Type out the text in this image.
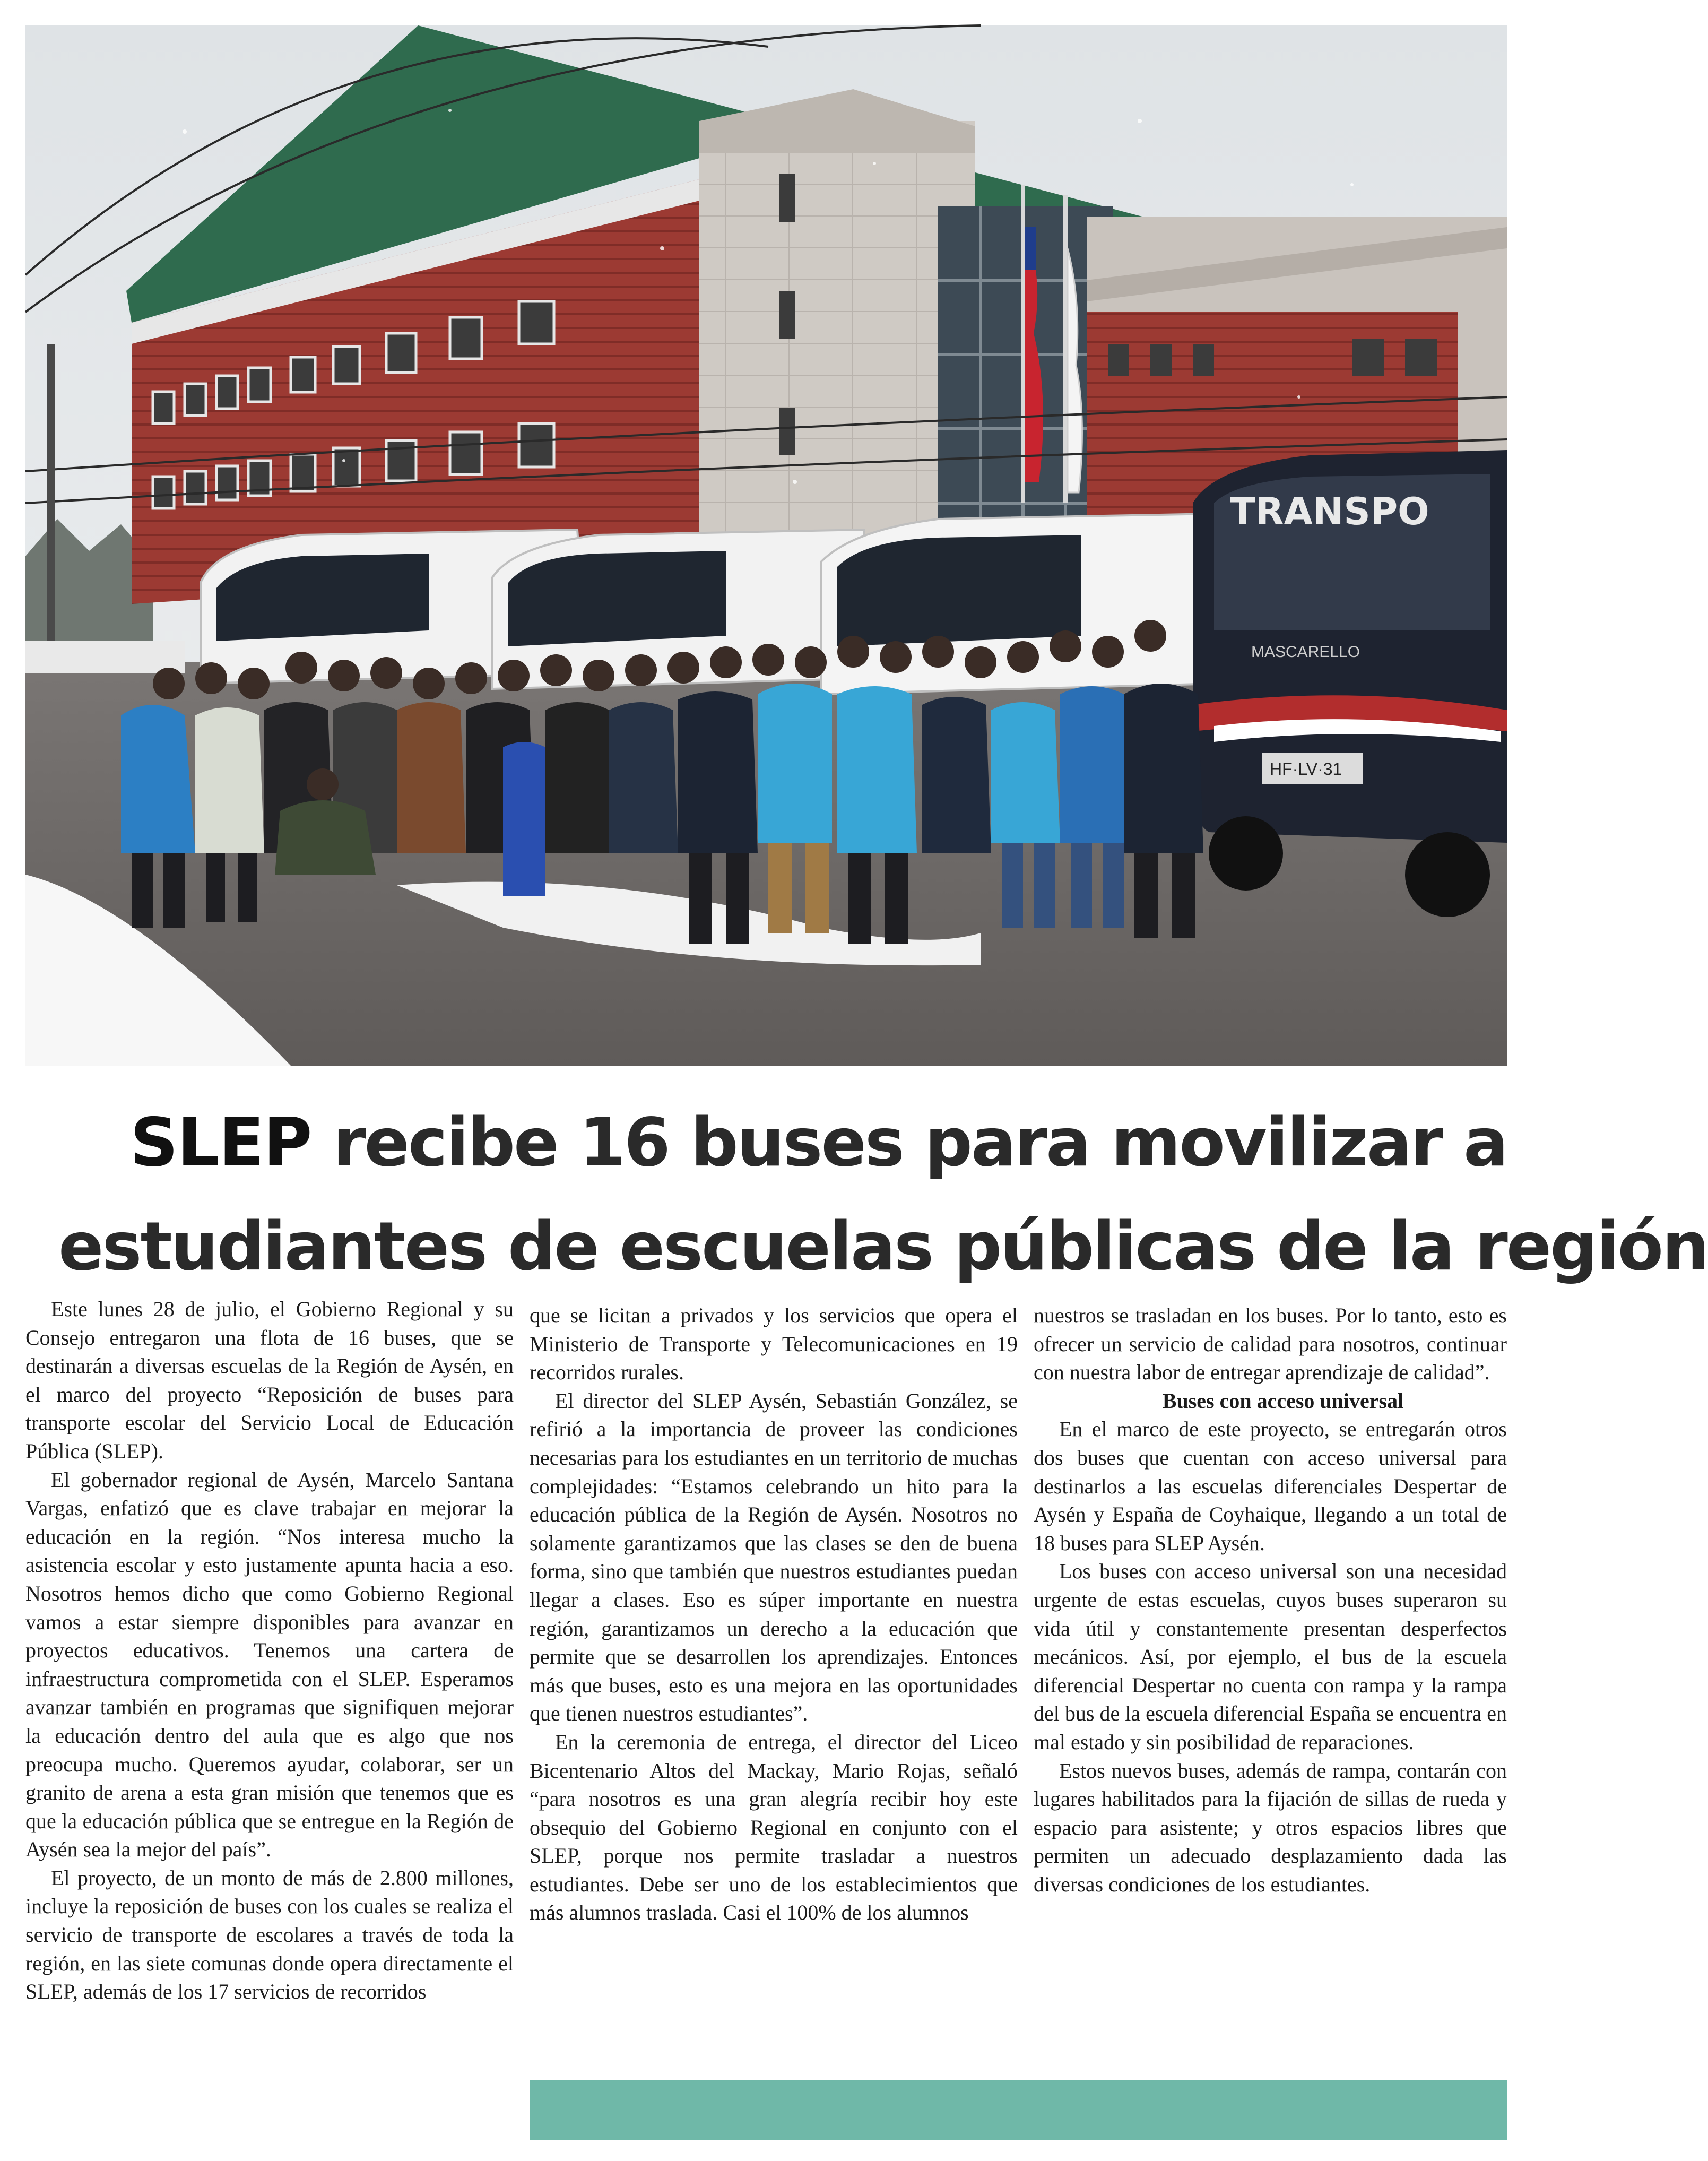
HF·LV·31
TRANSPO
MASCARELLO
SLEP recibe 16 buses para movilizar a
estudiantes de escuelas públicas de la región

Este lunes 28 de julio, el Gobierno Regional y su Consejo entregaron una flota de 16 buses, que se destinarán a diversas escuelas de la Región de Aysén, en el marco del proyecto “Reposición de buses para transporte escolar del Servicio Local de Educación Pública (SLEP).

El gobernador regional de Aysén, Marcelo Santana Vargas, enfatizó que es clave trabajar en mejorar la educación en la región. “Nos interesa mucho la asistencia escolar y esto justamente apunta hacia a eso. Nosotros hemos dicho que como Gobierno Regional vamos a estar siempre disponibles para avanzar en proyectos educativos. Tenemos una cartera de infraestructura comprometida con el SLEP. Esperamos avanzar también en programas que signifiquen mejorar la educación dentro del aula que es algo que nos preocupa mucho. Queremos ayudar, colaborar, ser un granito de arena a esta gran misión que tenemos que es que la educación pública que se entregue en la Región de Aysén sea la mejor del país”.

El proyecto, de un monto de más de 2.800 millones, incluye la reposición de buses con los cuales se realiza el servicio de transporte de escolares a través de toda la región, en las siete comunas donde opera directamente el SLEP, además de los 17 servicios de recorridos

que se licitan a privados y los servicios que opera el Ministerio de Transporte y Telecomunicaciones en 19 recorridos rurales.

El director del SLEP Aysén, Sebastián González, se refirió a la importancia de proveer las condiciones necesarias para los estudiantes en un territorio de muchas complejidades: “Estamos celebrando un hito para la educación pública de la Región de Aysén. Nosotros no solamente garantizamos que las clases se den de buena forma, sino que también que nuestros estudiantes puedan llegar a clases. Eso es súper importante en nuestra región, garantizamos un derecho a la educación que permite que se desarrollen los aprendizajes. Entonces más que buses, esto es una mejora en las oportunidades que tienen nuestros estudiantes”.

En la ceremonia de entrega, el director del Liceo Bicentenario Altos del Mackay, Mario Rojas, señaló “para nosotros es una gran alegría recibir hoy este obsequio del Gobierno Regional en conjunto con el SLEP, porque nos permite trasladar a nuestros estudiantes. Debe ser uno de los establecimientos que más alumnos traslada. Casi el 100% de los alumnos

nuestros se trasladan en los buses. Por lo tanto, esto es ofrecer un servicio de calidad para nosotros, continuar con nuestra labor de entregar aprendizaje de calidad”.

Buses con acceso universal

En el marco de este proyecto, se entregarán otros dos buses que cuentan con acceso universal para destinarlos a las escuelas diferenciales Despertar de Aysén y España de Coyhaique, llegando a un total de 18 buses para SLEP Aysén.

Los buses con acceso universal son una necesidad urgente de estas escuelas, cuyos buses superaron su vida útil y constantemente presentan desperfectos mecánicos. Así, por ejemplo, el bus de la escuela diferencial Despertar no cuenta con rampa y la rampa del bus de la escuela diferencial España se encuentra en mal estado y sin posibilidad de reparaciones.

Estos nuevos buses, además de rampa, contarán con lugares habilitados para la fijación de sillas de rueda y espacio para asistente; y otros espacios libres que permiten un adecuado desplazamiento dada las diversas condiciones de los estudiantes.
